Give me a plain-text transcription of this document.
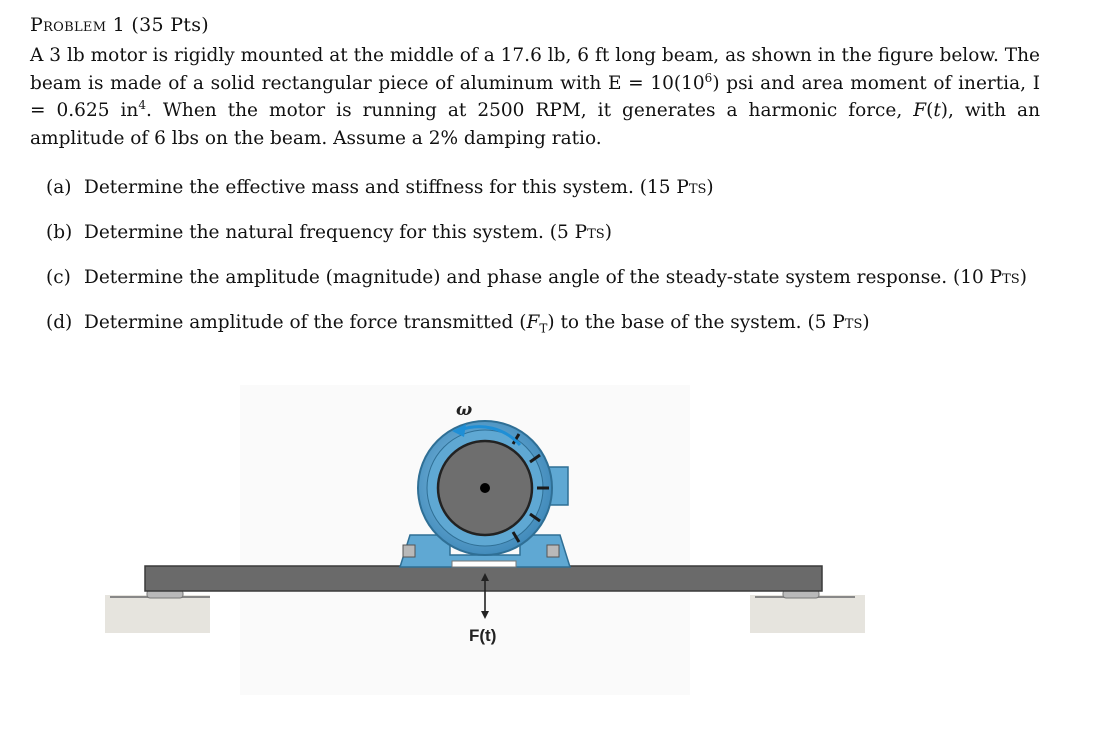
Problem 1 (35 Pts)
A 3 lb motor is rigidly mounted at the middle of a 17.6 lb, 6 ft long beam, as shown in the figure below. The beam is made of a solid rectangular piece of aluminum with $E = 10(10^6)$ psi and area moment of inertia, I = 0.625 $in^4$. When the motor is running at 2500 RPM, it generates a harmonic force, F(t), with an amplitude of 6 lbs on the beam. Assume a 2% damping ratio.
(a) Determine the effective mass and stiffness for this system. (15 Pts)
(b) Determine the natural frequency for this system. (5 Pts)
(c) Determine the amplitude (magnitude) and phase angle of the steady-state system response. (10 Pts)
(d) Determine amplitude of the force transmitted $(F_T)$ to the base of the system. (5 Pts)
ω
F(t)
